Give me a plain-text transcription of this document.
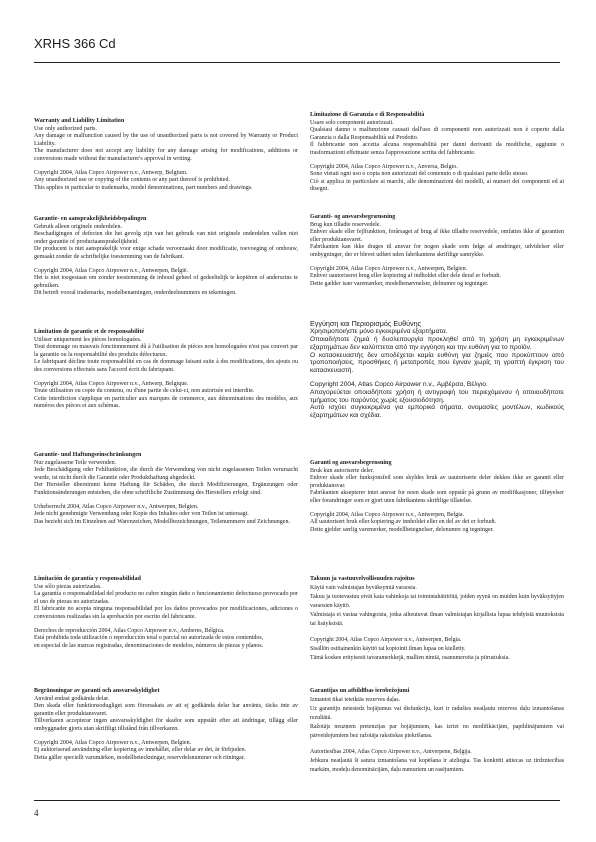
XRHS 366 Cd
Warranty and Liability Limitation

Use only authorized parts.

Any damage or malfunction caused by the use of unauthorized parts is not covered by Warranty or Product Liability.

The manufacturer does not accept any liability for any damage arising for modifications, additions or conversions made without the manufacturer's approval in writing.

Copyright 2004, Atlas Copco Airpower n.v., Antwerp, Belgium.

Any unauthorized use or copying of the contents or any part thereof is prohibited.

This applies in particular to trademarks, model denominations, part numbers and drawings.

Garantie- en aansprakelijkheidsbepalingen

Gebruik alleen originele onderdelen.

Beschadigingen of defecten die het gevolg zijn van het gebruik van niet originele onderdelen vallen niet onder garantie of productaansprakelijkheid.

De producent is niet aansprakelijk voor enige schade veroorzaakt door modificatie, toevoeging of ombouw, gemaakt zonder de schriftelijke toestemming van de fabrikant.

Copyright 2004, Atlas Copco Airpower n.v., Antwerpen, België.

Het is niet toegestaan om zonder toestemming de inhoud geheel of gedeeltelijk te kopiëren of anderszins te gebruiken.

Dit betreft vooral trademarks, modelbenamingen, onderdeelnummers en tekeningen.

Limitation de garantie et de responsabilité

Utiliser uniquement les pièces homologuées.

Tout dommage ou mauvais fonctionnement dû à l'utilisation de pièces non homologuées n'est pas couvert par la garantie ou la responsabilité des produits défectueux.

Le fabriquant décline toute responsabilité en cas de dommage faisant suite à des modifications, des ajouts ou des conversions effectués sans l'accord écrit du fabriquant.

Copyright 2004, Atlas Copco Airpower n.v., Antwerp, Belgique.

Toute utilisation ou copie du contenu, ou d'une partie de celui-ci, non autorisée est interdite.

Cette interdiction s'applique en particulier aux marques de commerce, aux dénominations des modèles, aux numéros des pièces et aux schémas.

Garantie- und Haftungseinschränkungen

Nur zugelassene Teile verwenden.

Jede Beschädigung oder Fehlfunktion, die durch die Verwendung von nicht zugelassenen Teilen verursacht wurde, ist nicht durch die Garantie oder Produkthaftung abgedeckt.

Der Hersteller übernimmt keine Haftung für Schäden, die durch Modifizierungen, Ergänzungen oder Funktionsänderungen entstehen, die ohne schriftliche Zustimmung des Herstellers erfolgt sind.

Urheberrecht 2004, Atlas Copco Airpower n.v., Antwerpen, Belgien.

Jede nicht genehmigte Verwendung oder Kopie des Inhaltes oder von Teilen ist untersagt.

Das bezieht sich im Einzelnen auf Warenzeichen, Modellbezeichnungen, Teilenummern und Zeichnungen.

Limitación de garantía y responsabilidad

Use sólo piezas autorizadas.

La garantía o responsabilidad del producto no cubre ningún daño o funcionamiento defectuoso provocado por el uso de piezas no autorizadas.

El fabricante no acepta ninguna responsabilidad por los daños provocados por modificaciones, adiciones o conversiones realizadas sin la aprobación por escrito del fabricante.

Derechos de reproducción 2004, Atlas Copco Airpower n.v., Amberes, Bélgica.

Está prohibida toda utilización o reproducción total o parcial no autorizada de estos contenidos,

en especial de las marcas registradas, denominaciones de modelos, números de piezas y planos.

Begränsningar av garanti och ansvarsskyldighet

Använd endast godkända delar.

Den skada eller funktionsodugliget som förorsakats av att ej godkända delar har använts, täcks inte av garantin eller produktansvaret.

Tillverkaren accepterar ingen ansvarsskyldighet för skador som uppstått efter att ändringar, tillägg eller ombyggnader gjorts utan skriftligt tillstånd från tillverkaren.

Copyright 2004, Atlas Copco Airpower n.v., Antwerpen, Belgien.

Ej auktoriserad användning eller kopiering av innehållet, eller delar av det, är förbjuden.

Detta gäller speciellt varumärken, modellbeteckningar, reservdelsnummer och ritningar.

Limitazione di Garanzia e di Responsabilità

Usare solo componenti autorizzati.

Qualsiasi danno o malfunzione causati dall'uso di componenti non autorizzati non è coperto dalla Garanzia o dalla Responsabilità sul Prodotto.

Il fabbricante non accetta alcuna responsabilità per danni derivanti da modifiche, aggiunte o trasformazioni effettuate senza l'approvazione scritta del fabbricante.

Copyright 2004, Atlas Copco Airpower n.v., Anversa, Belgio.

Sono vietati ogni uso o copia non autorizzati del contenuto o di qualsiasi parte dello stesso.

Ciò si applica in particolare ai marchi, alle denominazioni dei modelli, ai numeri dei componenti ed ai disegni.

Garanti- og ansvarsbegrænsning

Brug kun tilladte reservedele.

Enhver skade eller fejlfunktion, forårsaget af brug af ikke tilladte reservedele, omfattes ikke af garantien eller produktansvaret.

Fabrikanten kan ikke drages til ansvar for nogen skade som følge af ændringer, udvidelser eller ombygninger, der er blevet udført uden fabrikantens skriftlige samtykke.

Copyright 2004, Atlas Copco Airpower n.v., Antwerpen, Belgien.

Enhver uautoriseret brug eller kopiering af indholdet eller dele deraf er forbudt.

Dette gælder især varemærker, modelbenævnelser, delnumre og tegninger.

Εγγύηση και Περιορισμός Ευθύνης

Χρησιμοποιήστε μόνο εγκεκριμένα εξαρτήματα.

Οποιαδήποτε ζημιά ή δυσλειτουργία προκληθεί από τη χρήση μη εγκεκριμένων εξαρτημάτων δεν καλύπτεται από την εγγύηση και την ευθύνη για το προϊόν.

Ο κατασκευαστής δεν αποδέχεται καμία ευθύνη για ζημιές που προκύπτουν από τροποποιήσεις, προσθήκες ή μετατροπές που έγιναν χωρίς τη γραπτή έγκριση του κατασκευαστή.

Copyright 2004, Atlas Copco Airpower n.v., Αμβέρσα, Βέλγιο.

Απαγορεύεται οποιαδήποτε χρήση ή αντιγραφή του περιεχόμενου ή οποιουδήποτε τμήματος του παρόντος χωρίς εξουσιοδότηση.

Αυτό ισχύει συγκεκριμένα για εμπορικά σήματα, ονομασίες μοντέλων, κωδικούς εξαρτημάτων και σχέδια.

Garanti og ansvarsbegrensning

Bruk kun autoriserte deler.

Enhver skade eller funksjonsfeil som skyldes bruk av uautoriserte deler dekkes ikke av garanti eller produktansvar.

Fabrikanten aksepterer intet ansvar for noen skade som oppstår på grunn av modifikasjoner, tilføyelser eller forandringer som er gjort uten fabrikantens skriftlige tillatelse.

Copyright 2004, Atlas Copco Airpower n.v., Antwerpen, Belgia.

All uautorisert bruk eller kopiering av innholdet eller en del av det er forbudt.

Dette gjelder særlig varemerker, modellbetegnelser, delenumre og tegninger.

Takuun ja vastuuvelvollisuuden rajoitus

Käytä vain valmistajan hyväksymiä varaosia.

Takuu ja tuotevastuu eivät kata vahinkoja tai toimintahäiriöitä, joiden syynä on muiden kuin hyväksyttyjen varaosien käyttö.

Valmistaja ei vastaa vahingoista, jotka aiheutuvat ilman valmistajan kirjallista lupaa tehdyistä muutoksista tai lisäyksistä.

Copyright 2004, Atlas Copco Airpower n.v., Antwerpen, Belgia.

Sisällön osittainenkin käyttö tai kopiointi ilman lupaa on kielletty.

Tämä koskee erityisesti tavaramerkkejä, mallien nimiä, osanumeroita ja piirustuksia.

Garantijas un atbildības ierobežojumi

Izmantot tikai ieteiktās rezerves daļas.

Uz garantiju neiesiedz bojājumus vai disfunkciju, kuri ir radušies neatļautu rezerves daļu izmantošanas rezultātā.

Ražotājs neuzņem pretenzijas par bojājumiem, kas izriet no modifikācijām, papildinājumiem vai pārveidojumiem bez ražotāja rakstiskas piekrišanas.

Autortiesības 2004, Atlas Copco Airpower n.v., Antverpene, Beļģija.

Jebkura neatļautā šī satura izmantošana vai kopēšana ir aizliegta. Tas konkrēti attiecas uz tirdzniecības markām, modeļu denominācijām, daļu numuriem un rasējumiem.

4
